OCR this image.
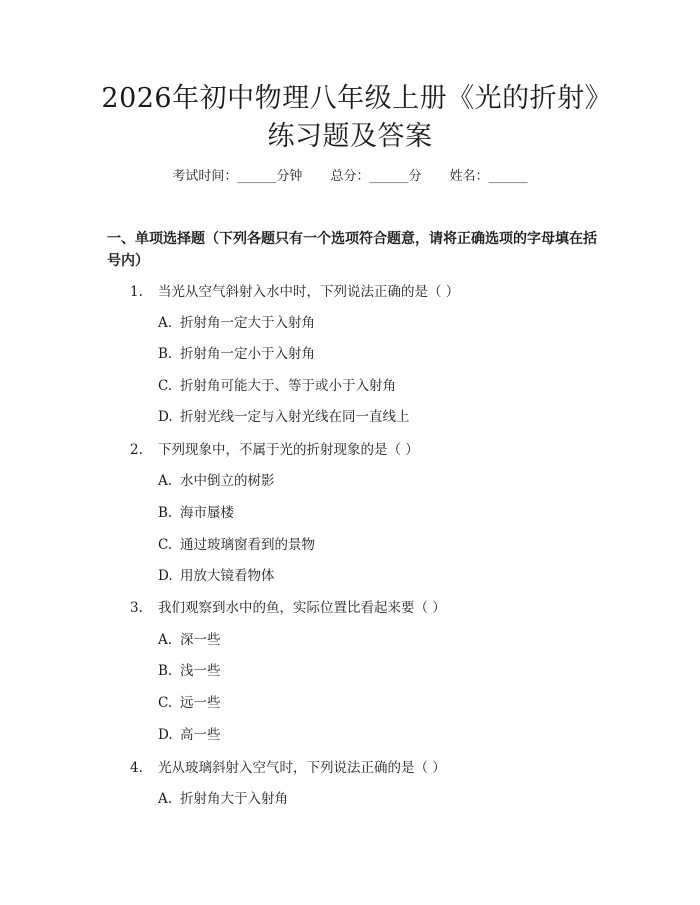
2026年初中物理八年级上册《光的折射》练习题及答案
考试时间：______分钟 总分：______分 姓名：______
一、单项选择题（下列各题只有一个选项符合题意，请将正确选项的字母填在括号内）
1. 当光从空气斜射入水中时，下列说法正确的是（ ）
A. 折射角一定大于入射角
B. 折射角一定小于入射角
C. 折射角可能大于、等于或小于入射角
D. 折射光线一定与入射光线在同一直线上
2. 下列现象中，不属于光的折射现象的是（ ）
A. 水中倒立的树影
B. 海市蜃楼
C. 通过玻璃窗看到的景物
D. 用放大镜看物体
3. 我们观察到水中的鱼，实际位置比看起来要（ ）
A. 深一些
B. 浅一些
C. 远一些
D. 高一些
4. 光从玻璃斜射入空气时，下列说法正确的是（ ）
A. 折射角大于入射角
